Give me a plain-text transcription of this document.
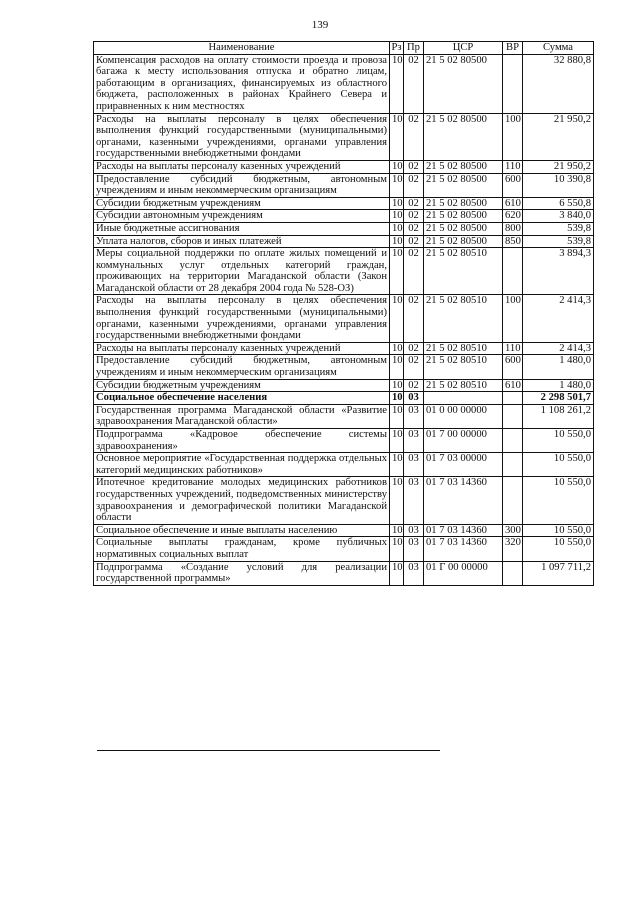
139
Наименование	Рз	Пр	ЦСР	ВР	Сумма
Компенсация расходов на оплату стоимости проезда и провоза багажа к месту использования отпуска и обратно лицам, работающим в организациях, финансируемых из областного бюджета, расположенных в районах Крайнего Севера и приравненных к ним местностях	10	02	21 5 02 80500		32 880,8
Расходы на выплаты персоналу в целях обеспечения выполнения функций государственными (муниципальными) органами, казенными учреждениями, органами управления государственными внебюджетными фондами	10	02	21 5 02 80500	100	21 950,2
Расходы на выплаты персоналу казенных учреждений	10	02	21 5 02 80500	110	21 950,2
Предоставление субсидий бюджетным, автономным учреждениям и иным некоммерческим организациям	10	02	21 5 02 80500	600	10 390,8
Субсидии бюджетным учреждениям	10	02	21 5 02 80500	610	6 550,8
Субсидии автономным учреждениям	10	02	21 5 02 80500	620	3 840,0
Иные бюджетные ассигнования	10	02	21 5 02 80500	800	539,8
Уплата налогов, сборов и иных платежей	10	02	21 5 02 80500	850	539,8
Меры социальной поддержки по оплате жилых помещений и коммунальных услуг отдельных категорий граждан, проживающих на территории Магаданской области (Закон Магаданской области от 28 декабря 2004 года № 528-ОЗ)	10	02	21 5 02 80510		3 894,3
Расходы на выплаты персоналу в целях обеспечения выполнения функций государственными (муниципальными) органами, казенными учреждениями, органами управления государственными внебюджетными фондами	10	02	21 5 02 80510	100	2 414,3
Расходы на выплаты персоналу казенных учреждений	10	02	21 5 02 80510	110	2 414,3
Предоставление субсидий бюджетным, автономным учреждениям и иным некоммерческим организациям	10	02	21 5 02 80510	600	1 480,0
Субсидии бюджетным учреждениям	10	02	21 5 02 80510	610	1 480,0
Социальное обеспечение населения	10	03			2 298 501,7
Государственная программа Магаданской области «Развитие здравоохранения Магаданской области»	10	03	01 0 00 00000		1 108 261,2
Подпрограмма «Кадровое обеспечение системы здравоохранения»	10	03	01 7 00 00000		10 550,0
Основное мероприятие «Государственная поддержка отдельных категорий медицинских работников»	10	03	01 7 03 00000		10 550,0
Ипотечное кредитование молодых медицинских работников государственных учреждений, подведомственных министерству здравоохранения и демографической политики Магаданской области	10	03	01 7 03 14360		10 550,0
Социальное обеспечение и иные выплаты населению	10	03	01 7 03 14360	300	10 550,0
Социальные выплаты гражданам, кроме публичных нормативных социальных выплат	10	03	01 7 03 14360	320	10 550,0
Подпрограмма «Создание условий для реализации государственной программы»	10	03	01 Г 00 00000		1 097 711,2
